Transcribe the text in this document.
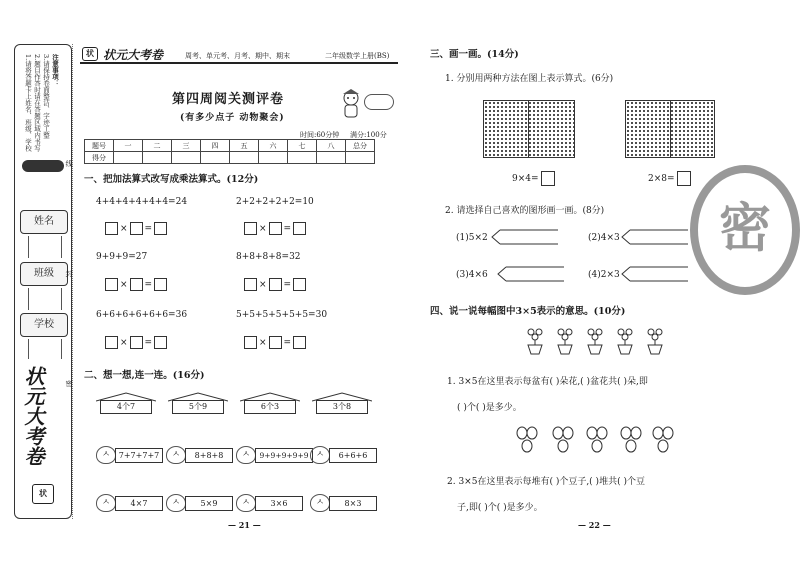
1.请将答题卡上姓名、班级、学校 2.题目作答时请在答题区域内书写 3.请保持卷面整洁、字迹工整 注意事项：
姓名
班级
学校
状元大考卷
状
线
封
密
状 状元大考卷	周考、单元考、月考、期中、期末	二年级数学上册(BS)
第四周阅关测评卷
(有多少点子 动物聚会)
时间:60分钟 满分:100分
题号	一	二	三	四	五	六	七	八	总分
得分									
一、把加法算式改写成乘法算式。(12分)
4+4+4+4+4+4=24	2+2+2+2+2=10
× =	× =
9+9+9=27	8+8+8+8=32
× =	× =
6+6+6+6+6+6=36	5+5+5+5+5+5=30
× =	× =
二、想一想,连一连。(16分)
4个7	5个9	6个3	3个8
ㅅ	7+7+7+7	ㅅ	8+8+8	ㅅ	9+9+9+9+9 ㅅ	6+6+6
ㅅ	4×7	ㅅ	5×9	ㅅ	3×6	ㅅ	8×3
— 21 —
三、画一画。(14分)
1. 分别用两种方法在图上表示算式。(6分)
9×4=	2×8=
2. 请选择自己喜欢的图形画一画。(8分)
(1)5×2	(2)4×3
(3)4×6	(4)2×3
四、说一说每幅图中3×5表示的意思。(10分)
1. 3×5在这里表示每盆有( )朵花,( )盆花共( )朵,即
( )个( )是多少。
2. 3×5在这里表示每堆有( )个豆子,( )堆共( )个豆
子,即( )个( )是多少。
— 22 —
密
